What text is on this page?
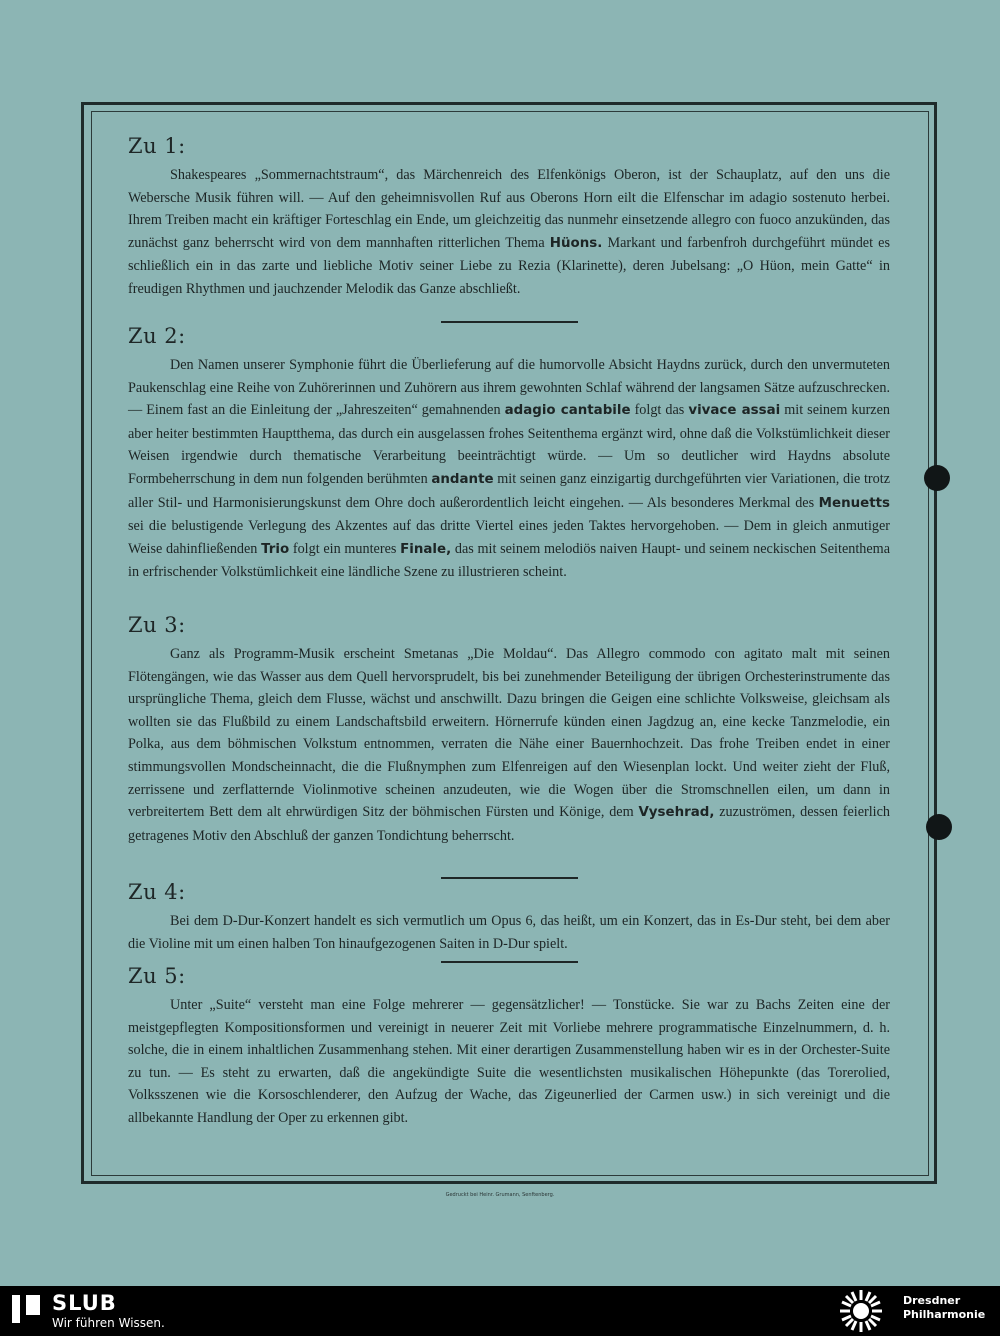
Zu 1:
Shakespeares „Sommernachtstraum“, das Märchenreich des Elfenkönigs Oberon, ist der Schauplatz, auf den uns die Webersche Musik führen will. — Auf den geheimnisvollen Ruf aus Oberons Horn eilt die Elfenschar im adagio sostenuto herbei. Ihrem Treiben macht ein kräftiger Forteschlag ein Ende, um gleichzeitig das nunmehr einsetzende allegro con fuoco anzukünden, das zunächst ganz beherrscht wird von dem mannhaften ritterlichen Thema Hüons. Markant und farbenfroh durchgeführt mündet es schließlich ein in das zarte und liebliche Motiv seiner Liebe zu Rezia (Klarinette), deren Jubelsang: „O Hüon, mein Gatte“ in freudigen Rhythmen und jauchzender Melodik das Ganze abschließt.
Zu 2:
Den Namen unserer Symphonie führt die Überlieferung auf die humorvolle Absicht Haydns zurück, durch den unvermuteten Paukenschlag eine Reihe von Zuhörerinnen und Zuhörern aus ihrem gewohnten Schlaf während der langsamen Sätze aufzuschrecken. — Einem fast an die Einleitung der „Jahreszeiten“ gemahnenden adagio cantabile folgt das vivace assai mit seinem kurzen aber heiter bestimmten Hauptthema, das durch ein ausgelassen frohes Seitenthema ergänzt wird, ohne daß die Volkstümlichkeit dieser Weisen irgendwie durch thematische Verarbeitung beeinträchtigt würde. — Um so deutlicher wird Haydns absolute Formbeherrschung in dem nun folgenden berühmten andante mit seinen ganz einzigartig durchgeführten vier Variationen, die trotz aller Stil- und Harmonisierungskunst dem Ohre doch außerordentlich leicht eingehen. — Als besonderes Merkmal des Menuetts sei die belustigende Verlegung des Akzentes auf das dritte Viertel eines jeden Taktes hervorgehoben. — Dem in gleich anmutiger Weise dahinfließenden Trio folgt ein munteres Finale, das mit seinem melodiös naiven Haupt- und seinem neckischen Seitenthema in erfrischender Volkstümlichkeit eine ländliche Szene zu illustrieren scheint.
Zu 3:
Ganz als Programm-Musik erscheint Smetanas „Die Moldau“. Das Allegro commodo con agitato malt mit seinen Flötengängen, wie das Wasser aus dem Quell hervorsprudelt, bis bei zunehmender Beteiligung der übrigen Orchesterinstrumente das ursprüngliche Thema, gleich dem Flusse, wächst und anschwillt. Dazu bringen die Geigen eine schlichte Volksweise, gleichsam als wollten sie das Flußbild zu einem Landschaftsbild erweitern. Hörnerrufe künden einen Jagdzug an, eine kecke Tanzmelodie, ein Polka, aus dem böhmischen Volkstum entnommen, verraten die Nähe einer Bauernhochzeit. Das frohe Treiben endet in einer stimmungsvollen Mondscheinnacht, die die Flußnymphen zum Elfenreigen auf den Wiesenplan lockt. Und weiter zieht der Fluß, zerrissene und zerflatternde Violinmotive scheinen anzudeuten, wie die Wogen über die Stromschnellen eilen, um dann in verbreitertem Bett dem alt ehrwürdigen Sitz der böhmischen Fürsten und Könige, dem Vysehrad, zuzuströmen, dessen feierlich getragenes Motiv den Abschluß der ganzen Tondichtung beherrscht.
Zu 4:
Bei dem D-Dur-Konzert handelt es sich vermutlich um Opus 6, das heißt, um ein Konzert, das in Es-Dur steht, bei dem aber die Violine mit um einen halben Ton hinaufgezogenen Saiten in D-Dur spielt.
Zu 5:
Unter „Suite“ versteht man eine Folge mehrerer — gegensätzlicher! — Tonstücke. Sie war zu Bachs Zeiten eine der meistgepflegten Kompositionsformen und vereinigt in neuerer Zeit mit Vorliebe mehrere programmatische Einzelnummern, d. h. solche, die in einem inhaltlichen Zusammenhang stehen. Mit einer derartigen Zusammenstellung haben wir es in der Orchester-Suite zu tun. — Es steht zu erwarten, daß die angekündigte Suite die wesentlichsten musikalischen Höhepunkte (das Torerolied, Volksszenen wie die Korsoschlenderer, den Aufzug der Wache, das Zigeunerlied der Carmen usw.) in sich vereinigt und die allbekannte Handlung der Oper zu erkennen gibt.
Gedruckt bei Heinr. Grumann, Senftenberg.
SLUB
Wir führen Wissen.
Dresdner
Philharmonie
